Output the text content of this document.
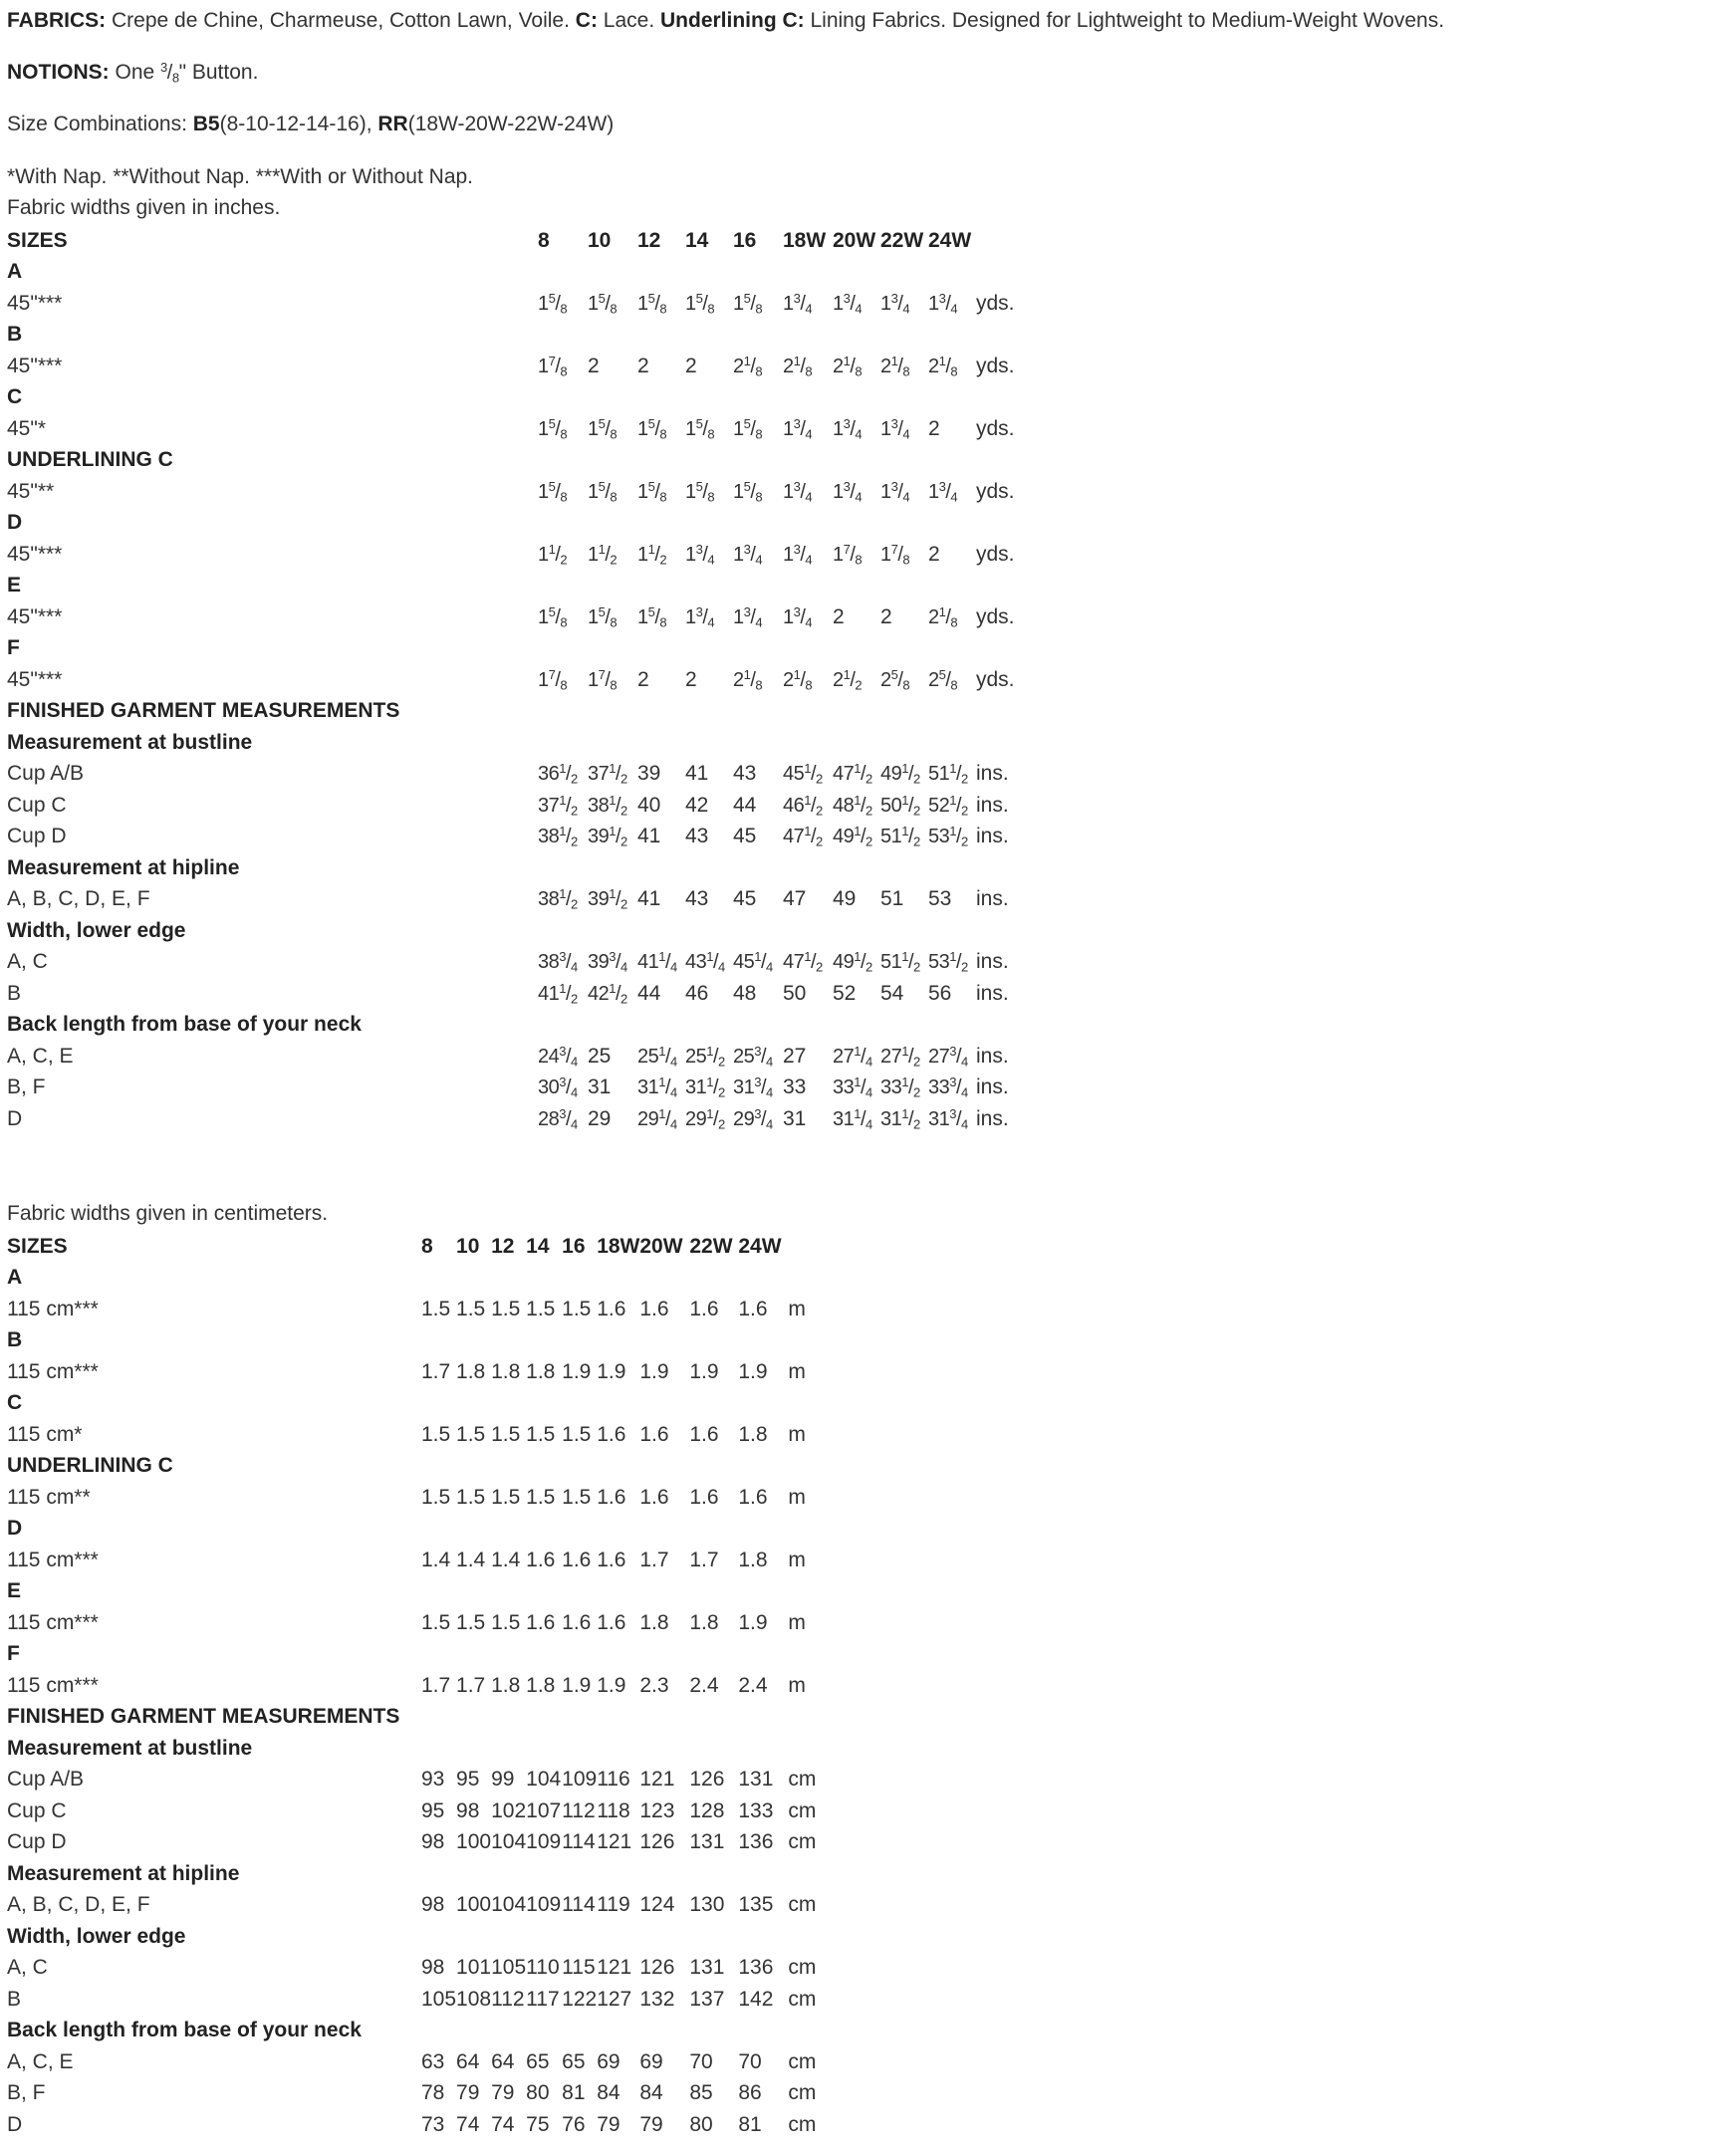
FABRICS: Crepe de Chine, Charmeuse, Cotton Lawn, Voile. C: Lace. Underlining C: Lining Fabrics. Designed for Lightweight to Medium-Weight Wovens.
NOTIONS: One $^3/_8$" Button.
Size Combinations: B5(8-10-12-14-16), RR(18W-20W-22W-24W)
*With Nap. **Without Nap. ***With or Without Nap.
Fabric widths given in inches.
SIZES	8	10	12	14	16	18W	20W	22W	24W	
A										
45"***	$1^5/_8$	$1^5/_8$	$1^5/_8$	$1^5/_8$	$1^5/_8$	$1^3/_4$	$1^3/_4$	$1^3/_4$	$1^3/_4$	yds.
B										
45"***	$1^7/_8$	2	2	2	$2^1/_8$	$2^1/_8$	$2^1/_8$	$2^1/_8$	$2^1/_8$	yds.
C										
45"*	$1^5/_8$	$1^5/_8$	$1^5/_8$	$1^5/_8$	$1^5/_8$	$1^3/_4$	$1^3/_4$	$1^3/_4$	2	yds.
UNDERLINING C										
45"**	$1^5/_8$	$1^5/_8$	$1^5/_8$	$1^5/_8$	$1^5/_8$	$1^3/_4$	$1^3/_4$	$1^3/_4$	$1^3/_4$	yds.
D										
45"***	$1^1/_2$	$1^1/_2$	$1^1/_2$	$1^3/_4$	$1^3/_4$	$1^3/_4$	$1^7/_8$	$1^7/_8$	2	yds.
E										
45"***	$1^5/_8$	$1^5/_8$	$1^5/_8$	$1^3/_4$	$1^3/_4$	$1^3/_4$	2	2	$2^1/_8$	yds.
F										
45"***	$1^7/_8$	$1^7/_8$	2	2	$2^1/_8$	$2^1/_8$	$2^1/_2$	$2^5/_8$	$2^5/_8$	yds.
FINISHED GARMENT MEASUREMENTS										
Measurement at bustline										
Cup A/B	$36^1/_2$	$37^1/_2$	39	41	43	$45^1/_2$	$47^1/_2$	$49^1/_2$	$51^1/_2$	ins.
Cup C	$37^1/_2$	$38^1/_2$	40	42	44	$46^1/_2$	$48^1/_2$	$50^1/_2$	$52^1/_2$	ins.
Cup D	$38^1/_2$	$39^1/_2$	41	43	45	$47^1/_2$	$49^1/_2$	$51^1/_2$	$53^1/_2$	ins.
Measurement at hipline										
A, B, C, D, E, F	$38^1/_2$	$39^1/_2$	41	43	45	47	49	51	53	ins.
Width, lower edge										
A, C	$38^3/_4$	$39^3/_4$	$41^1/_4$	$43^1/_4$	$45^1/_4$	$47^1/_2$	$49^1/_2$	$51^1/_2$	$53^1/_2$	ins.
B	$41^1/_2$	$42^1/_2$	44	46	48	50	52	54	56	ins.
Back length from base of your neck										
A, C, E	$24^3/_4$	25	$25^1/_4$	$25^1/_2$	$25^3/_4$	27	$27^1/_4$	$27^1/_2$	$27^3/_4$	ins.
B, F	$30^3/_4$	31	$31^1/_4$	$31^1/_2$	$31^3/_4$	33	$33^1/_4$	$33^1/_2$	$33^3/_4$	ins.
D	$28^3/_4$	29	$29^1/_4$	$29^1/_2$	$29^3/_4$	31	$31^1/_4$	$31^1/_2$	$31^3/_4$	ins.
Fabric widths given in centimeters.
SIZES	8	10	12	14	16	18W	20W	22W	24W	
A										
115 cm***	1.5	1.5	1.5	1.5	1.5	1.6	1.6	1.6	1.6	m
B										
115 cm***	1.7	1.8	1.8	1.8	1.9	1.9	1.9	1.9	1.9	m
C										
115 cm*	1.5	1.5	1.5	1.5	1.5	1.6	1.6	1.6	1.8	m
UNDERLINING C										
115 cm**	1.5	1.5	1.5	1.5	1.5	1.6	1.6	1.6	1.6	m
D										
115 cm***	1.4	1.4	1.4	1.6	1.6	1.6	1.7	1.7	1.8	m
E										
115 cm***	1.5	1.5	1.5	1.6	1.6	1.6	1.8	1.8	1.9	m
F										
115 cm***	1.7	1.7	1.8	1.8	1.9	1.9	2.3	2.4	2.4	m
FINISHED GARMENT MEASUREMENTS										
Measurement at bustline										
Cup A/B	93	95	99	104	109	116	121	126	131	cm
Cup C	95	98	102	107	112	118	123	128	133	cm
Cup D	98	100	104	109	114	121	126	131	136	cm
Measurement at hipline										
A, B, C, D, E, F	98	100	104	109	114	119	124	130	135	cm
Width, lower edge										
A, C	98	101	105	110	115	121	126	131	136	cm
B	105	108	112	117	122	127	132	137	142	cm
Back length from base of your neck										
A, C, E	63	64	64	65	65	69	69	70	70	cm
B, F	78	79	79	80	81	84	84	85	86	cm
D	73	74	74	75	76	79	79	80	81	cm
